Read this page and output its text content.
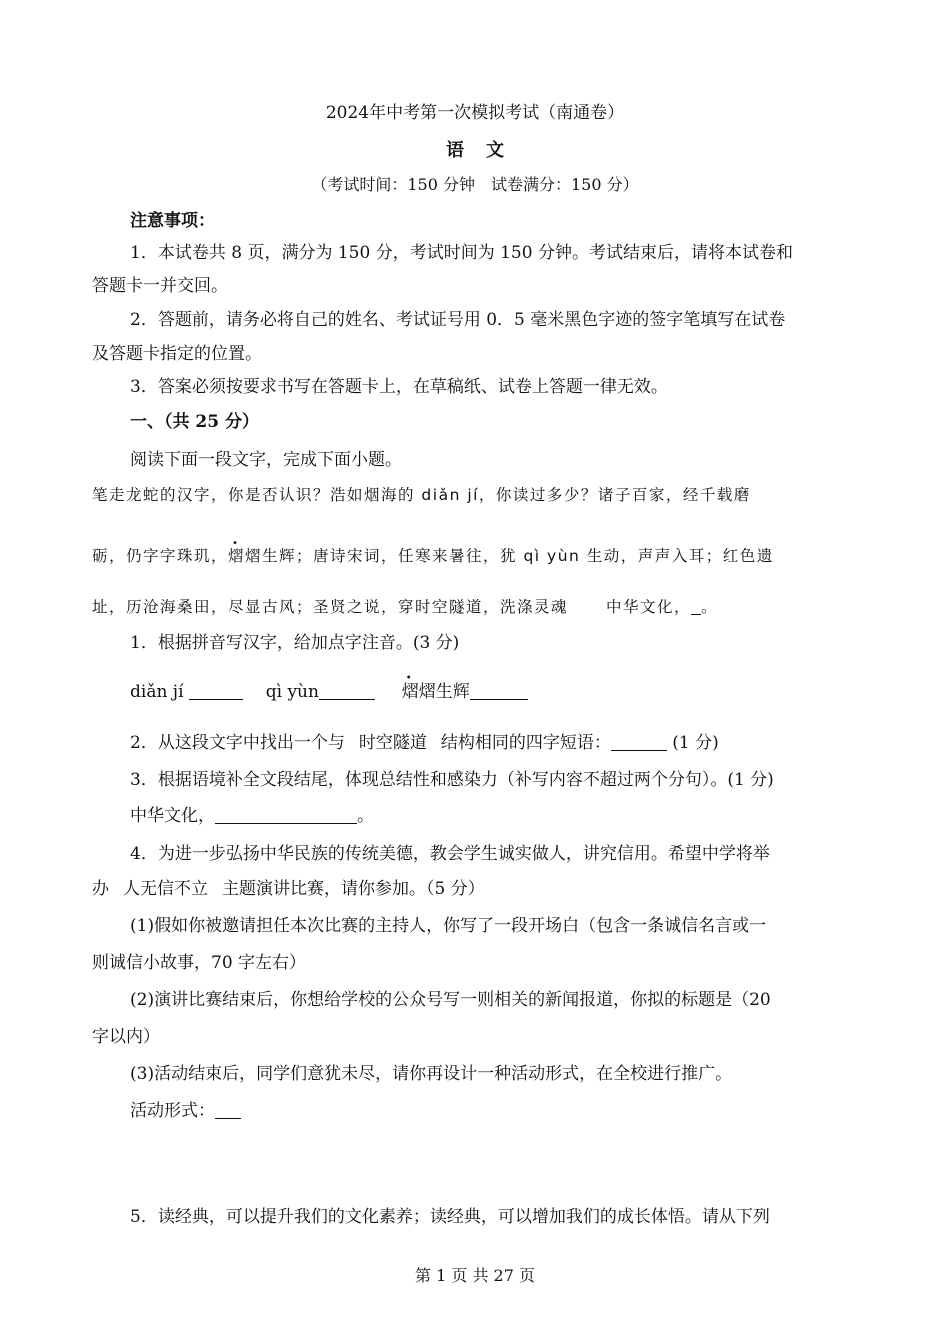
2024年中考第一次模拟考试（南通卷）
语文
（考试时间：150 分钟　试卷满分：150 分）
注意事项：
1．本试卷共 8 页，满分为 150 分，考试时间为 150 分钟。考试结束后，请将本试卷和
答题卡一并交回。
2．答题前，请务必将自己的姓名、考试证号用 0．5 毫米黑色字迹的签字笔填写在试卷
及答题卡指定的位置。
3．答案必须按要求书写在答题卡上，在草稿纸、试卷上答题一律无效。
一、（共 25 分）
阅读下面一段文字，完成下面小题。
笔走龙蛇的汉字，你是否认识？浩如烟海的 diǎn jí，你读过多少？诸子百家，经千载磨
砺，仍字字珠玑，熠熠生辉；唐诗宋词，任寒来暑往，犹 qì yùn 生动，声声入耳；红色遗
址，历沧海桑田，尽显古风；圣贤之说，穿时空隧道，洗涤灵魂 中华文化， 。
1．根据拼音写汉字，给加点字注音。(3 分)
diǎn jí	qì yùn	熠熠生辉
2．从这段文字中找出一个与 时空隧道 结构相同的四字短语：	(1 分)
3．根据语境补全文段结尾，体现总结性和感染力（补写内容不超过两个分句）。(1 分)
中华文化，	。
4．为进一步弘扬中华民族的传统美德，教会学生诚实做人，讲究信用。希望中学将举
办 人无信不立 主题演讲比赛，请你参加。（5 分）
(1)假如你被邀请担任本次比赛的主持人，你写了一段开场白（包含一条诚信名言或一
则诚信小故事，70 字左右）
(2)演讲比赛结束后，你想给学校的公众号写一则相关的新闻报道，你拟的标题是（20
字以内）
(3)活动结束后，同学们意犹未尽，请你再设计一种活动形式，在全校进行推广。
活动形式：
5．读经典，可以提升我们的文化素养；读经典，可以增加我们的成长体悟。请从下列
第 1 页 共 27 页
